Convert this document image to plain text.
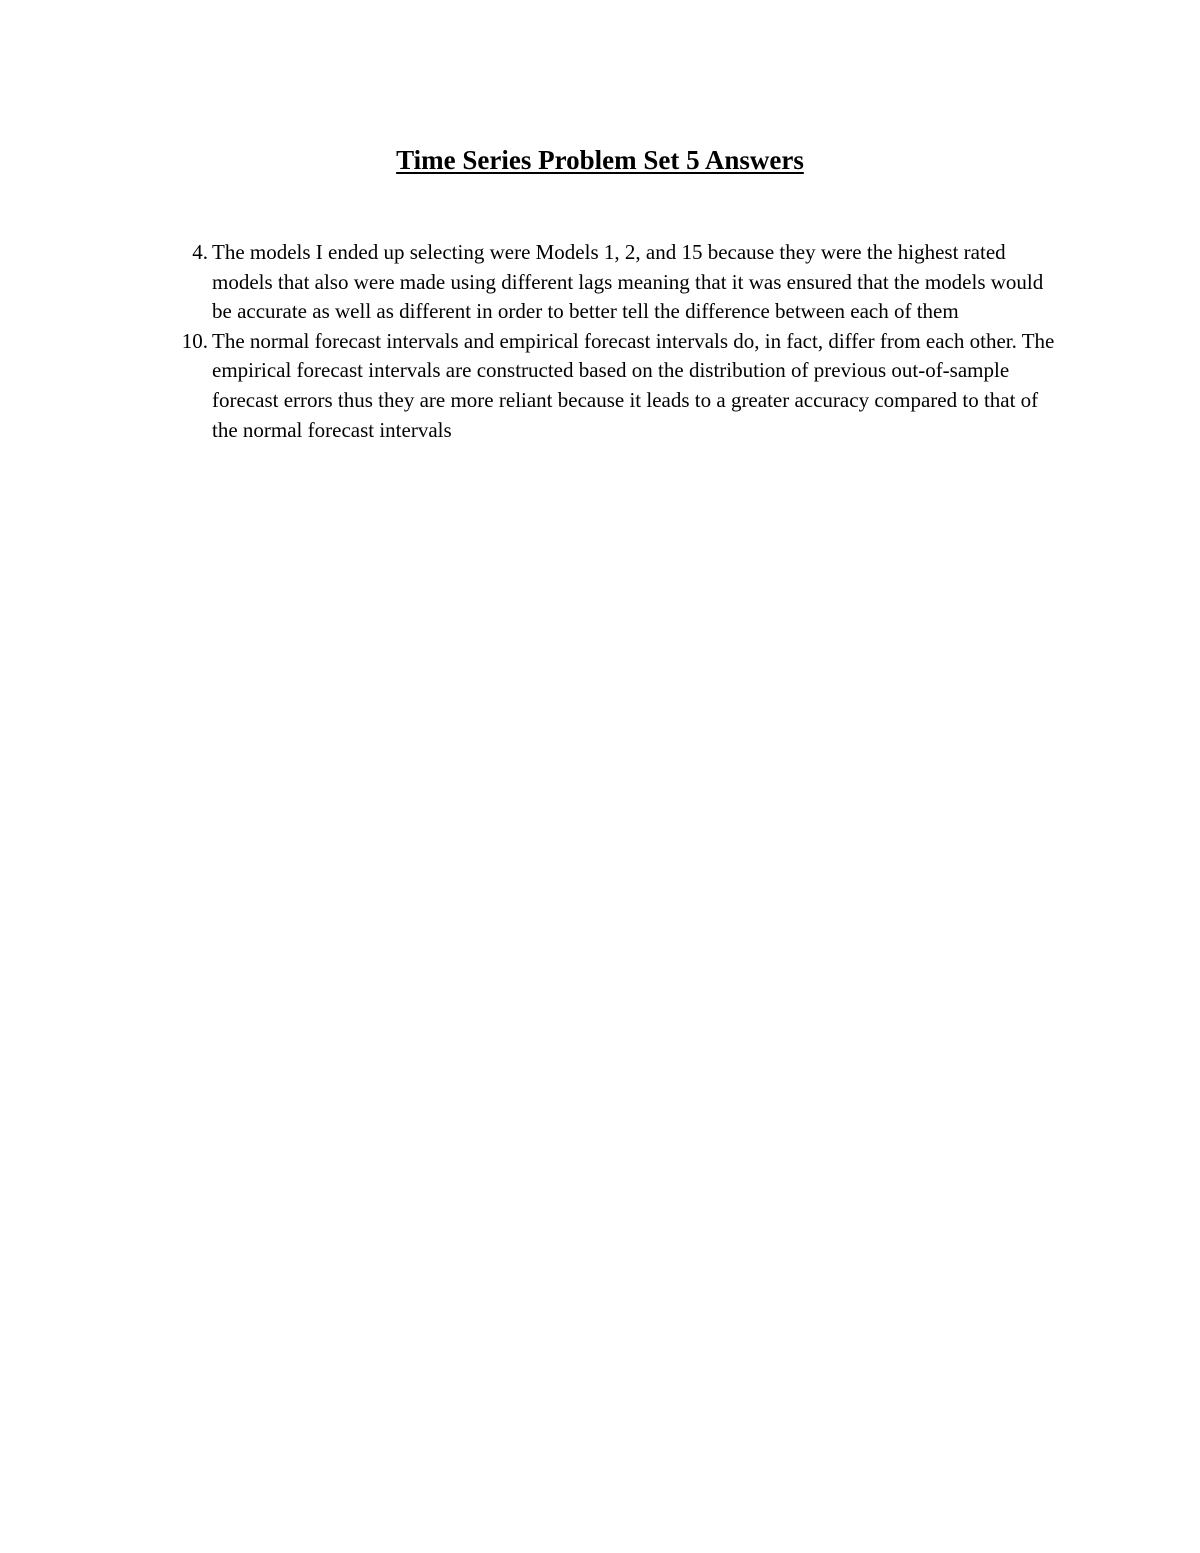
Time Series Problem Set 5 Answers
4. The models I ended up selecting were Models 1, 2, and 15 because they were the highest rated models that also were made using different lags meaning that it was ensured that the models would be accurate as well as different in order to better tell the difference between each of them
10. The normal forecast intervals and empirical forecast intervals do, in fact, differ from each other. The empirical forecast intervals are constructed based on the distribution of previous out-of-sample forecast errors thus they are more reliant because it leads to a greater accuracy compared to that of the normal forecast intervals
